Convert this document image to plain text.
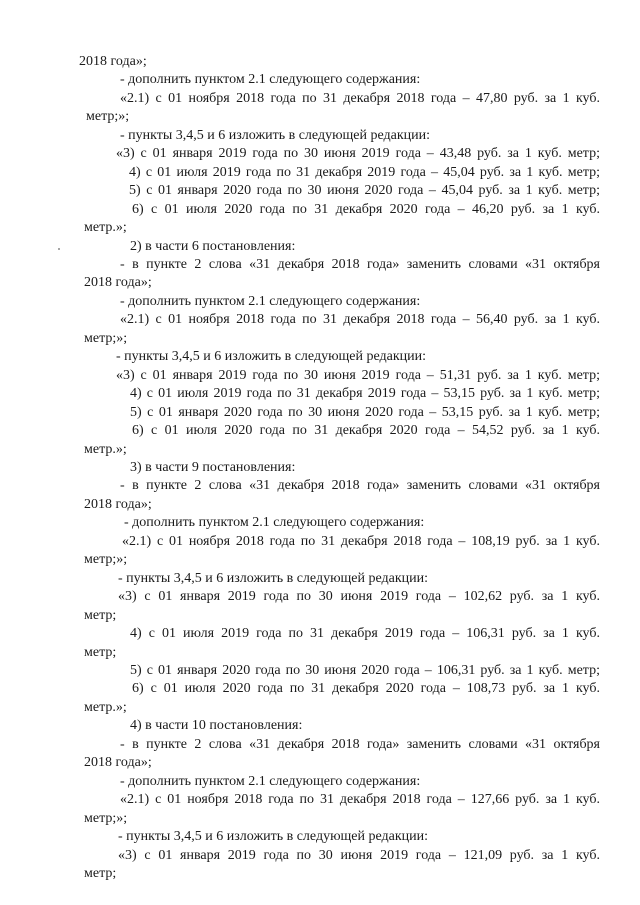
2018 года»;
- дополнить пунктом 2.1 следующего содержания:
«2.1) с 01 ноября 2018 года по 31 декабря 2018 года – 47,80 руб. за 1 куб.
метр;»;
- пункты 3,4,5 и 6 изложить в следующей редакции:
«3) с 01 января 2019 года по 30 июня 2019 года – 43,48 руб. за 1 куб. метр;
4) с 01 июля 2019 года по 31 декабря 2019 года – 45,04 руб. за 1 куб. метр;
5) с 01 января 2020 года по 30 июня 2020 года – 45,04 руб. за 1 куб. метр;
6) с 01 июля 2020 года по 31 декабря 2020 года – 46,20 руб. за 1 куб.
метр.»;
2) в части 6 постановления:
- в пункте 2 слова «31 декабря 2018 года» заменить словами «31 октября
2018 года»;
- дополнить пунктом 2.1 следующего содержания:
«2.1) с 01 ноября 2018 года по 31 декабря 2018 года – 56,40 руб. за 1 куб.
метр;»;
- пункты 3,4,5 и 6 изложить в следующей редакции:
«3) с 01 января 2019 года по 30 июня 2019 года – 51,31 руб. за 1 куб. метр;
4) с 01 июля 2019 года по 31 декабря 2019 года – 53,15 руб. за 1 куб. метр;
5) с 01 января 2020 года по 30 июня 2020 года – 53,15 руб. за 1 куб. метр;
6) с 01 июля 2020 года по 31 декабря 2020 года – 54,52 руб. за 1 куб.
метр.»;
3) в части 9 постановления:
- в пункте 2 слова «31 декабря 2018 года» заменить словами «31 октября
2018 года»;
- дополнить пунктом 2.1 следующего содержания:
«2.1) с 01 ноября 2018 года по 31 декабря 2018 года – 108,19 руб. за 1 куб.
метр;»;
- пункты 3,4,5 и 6 изложить в следующей редакции:
«3) с 01 января 2019 года по 30 июня 2019 года – 102,62 руб. за 1 куб.
метр;
4) с 01 июля 2019 года по 31 декабря 2019 года – 106,31 руб. за 1 куб.
метр;
5) с 01 января 2020 года по 30 июня 2020 года – 106,31 руб. за 1 куб. метр;
6) с 01 июля 2020 года по 31 декабря 2020 года – 108,73 руб. за 1 куб.
метр.»;
4) в части 10 постановления:
- в пункте 2 слова «31 декабря 2018 года» заменить словами «31 октября
2018 года»;
- дополнить пунктом 2.1 следующего содержания:
«2.1) с 01 ноября 2018 года по 31 декабря 2018 года – 127,66 руб. за 1 куб.
метр;»;
- пункты 3,4,5 и 6 изложить в следующей редакции:
«3) с 01 января 2019 года по 30 июня 2019 года – 121,09 руб. за 1 куб.
метр;
